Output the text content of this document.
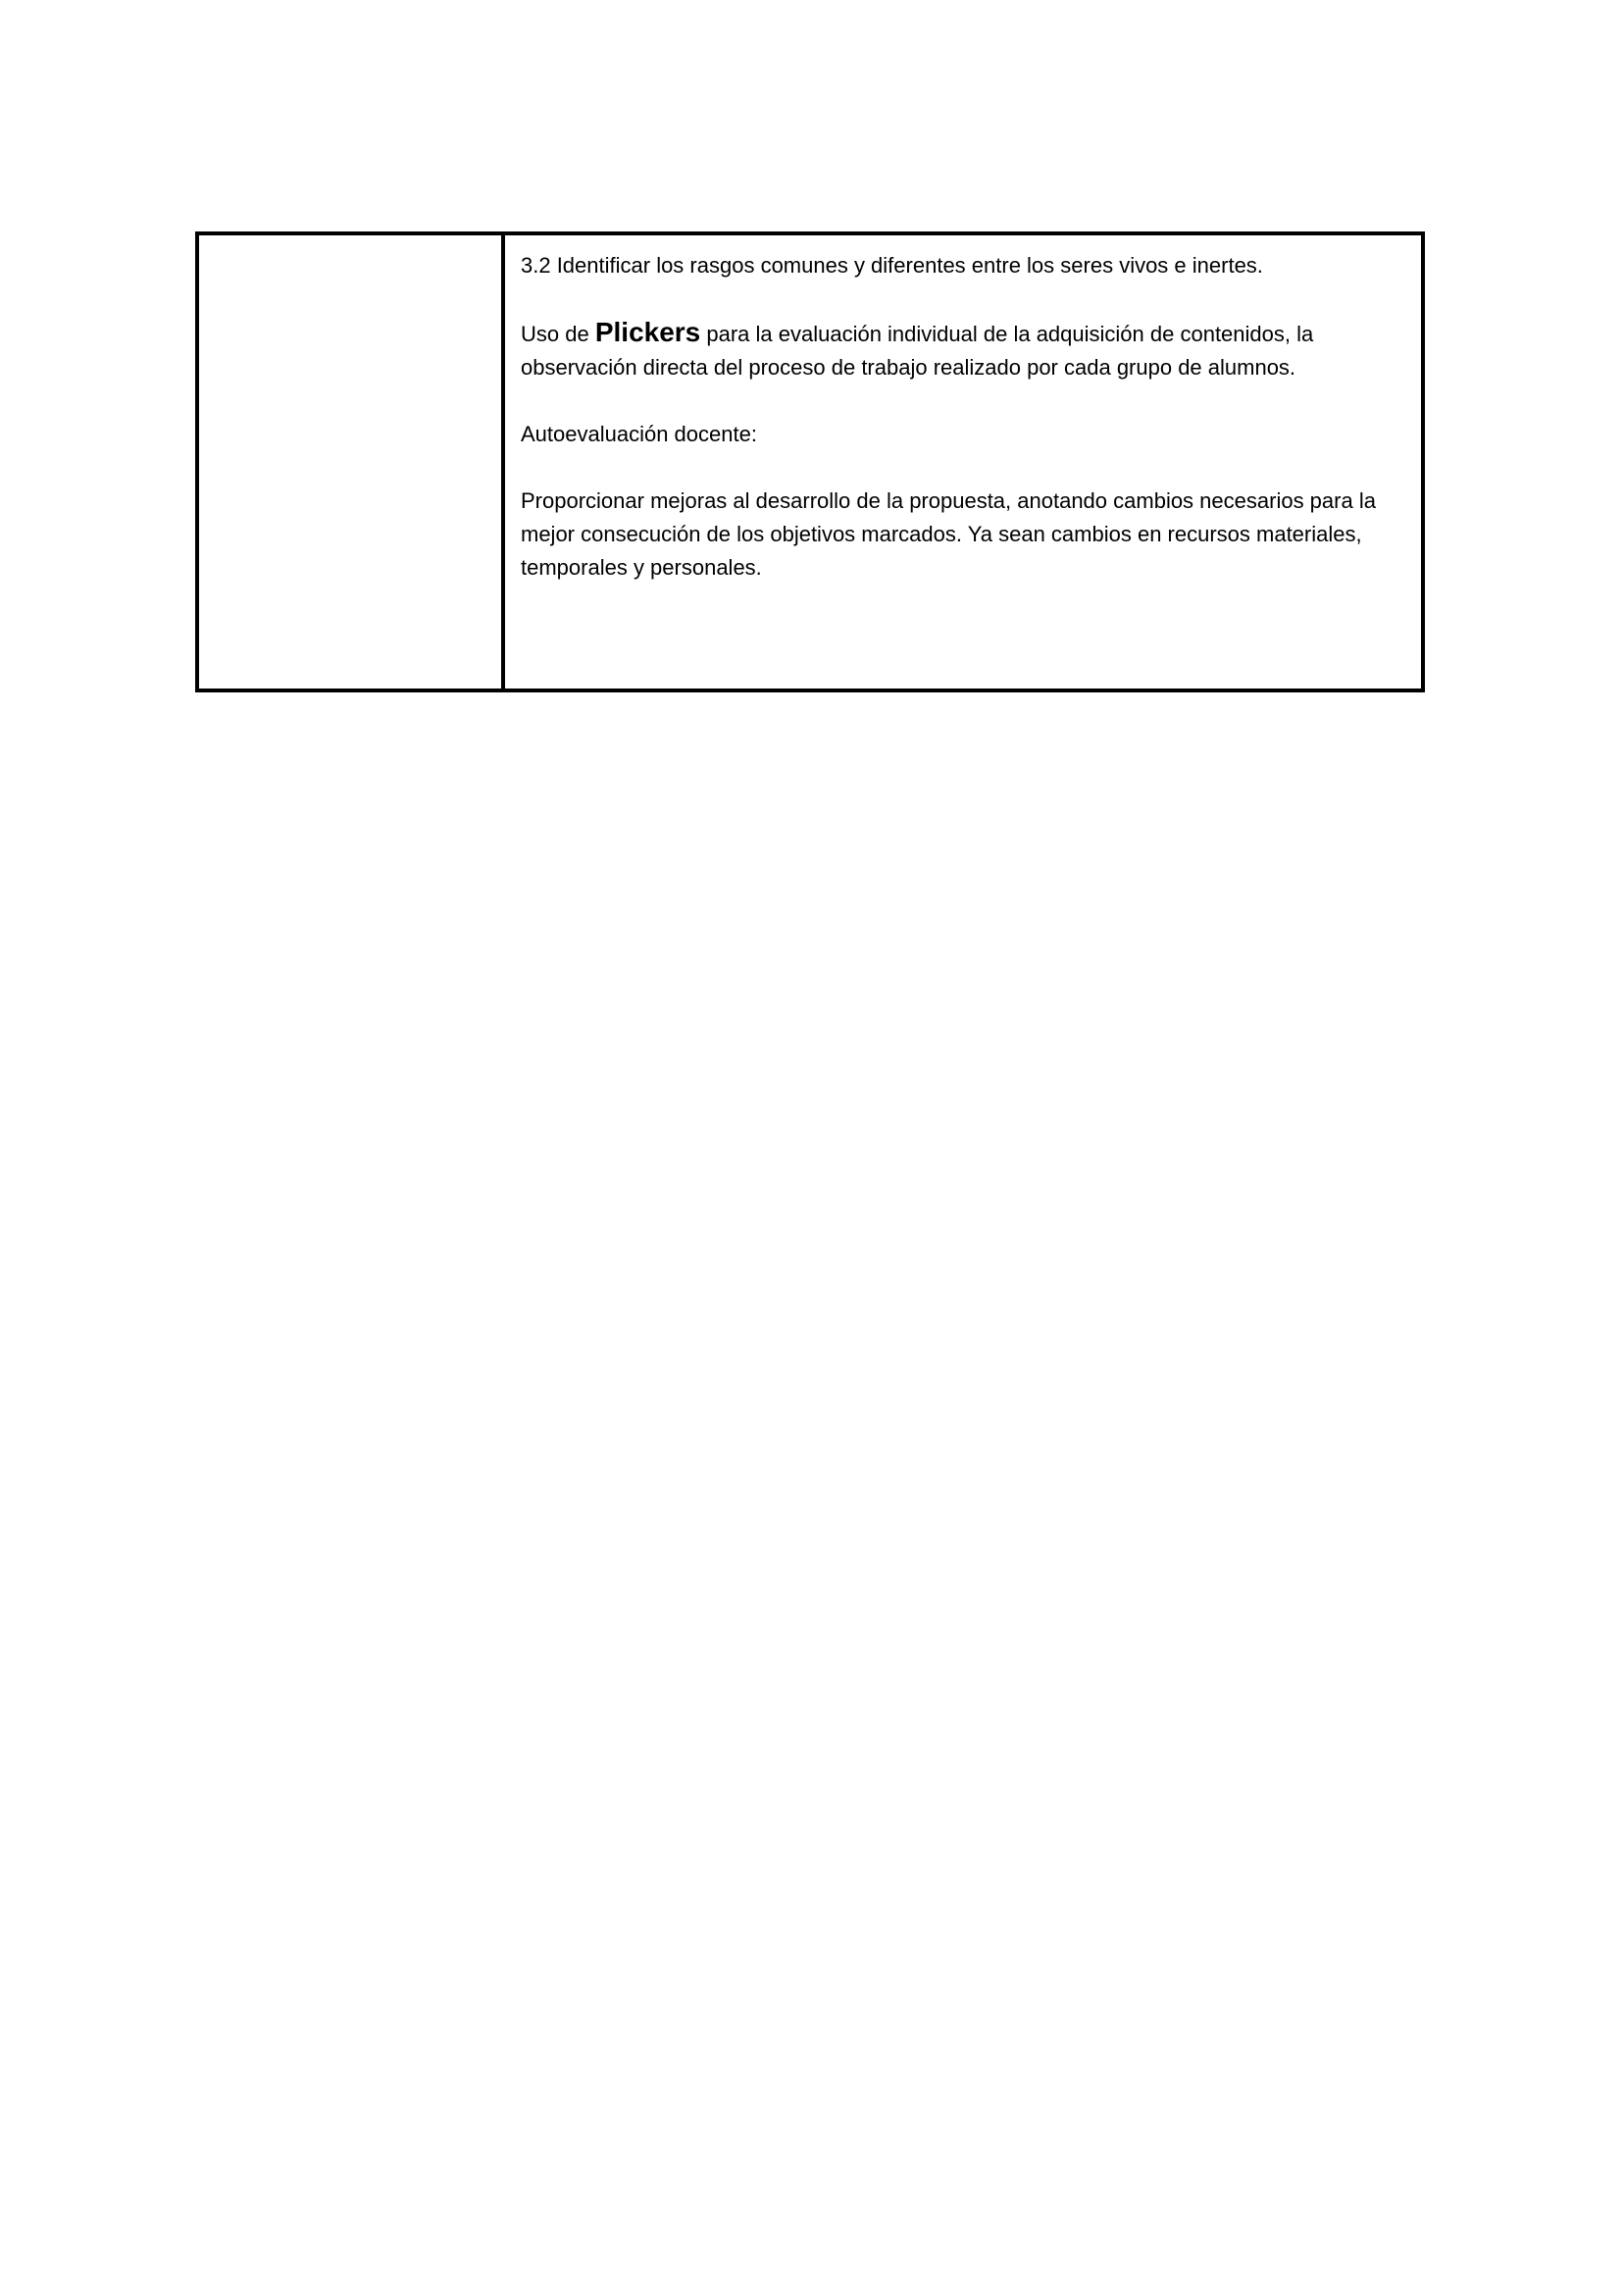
3.2 Identificar los rasgos comunes y diferentes entre los seres vivos e inertes.

Uso de Plickers para la evaluación individual de la adquisición de contenidos, la observación directa del proceso de trabajo realizado por cada grupo de alumnos.

Autoevaluación docente:

Proporcionar mejoras al desarrollo de la propuesta, anotando cambios necesarios para la mejor consecución de los objetivos marcados. Ya sean cambios en recursos materiales, temporales y personales.
